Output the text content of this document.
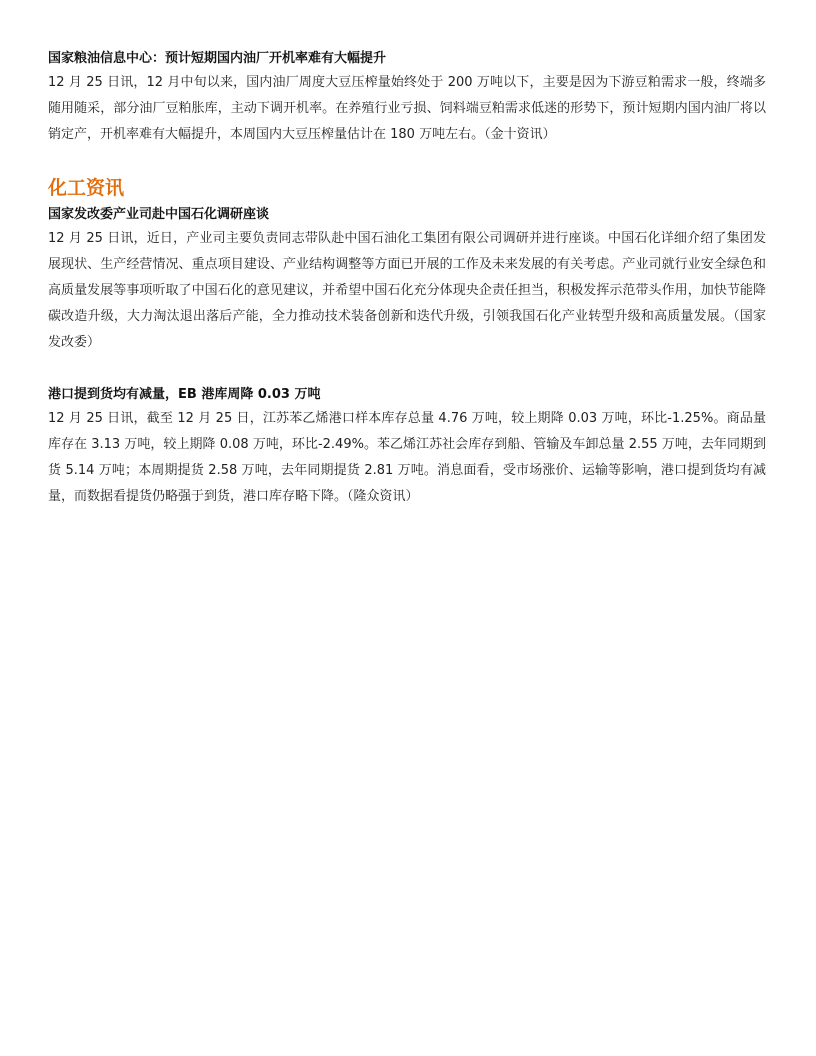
国家粮油信息中心：预计短期国内油厂开机率难有大幅提升

12 月 25 日讯，12 月中旬以来，国内油厂周度大豆压榨量始终处于 200 万吨以下，主要是因为下游豆粕需求一般，终端多随用随采，部分油厂豆粕胀库，主动下调开机率。在养殖行业亏损、饲料端豆粕需求低迷的形势下，预计短期内国内油厂将以销定产，开机率难有大幅提升，本周国内大豆压榨量估计在 180 万吨左右。（金十资讯）

化工资讯

国家发改委产业司赴中国石化调研座谈

12 月 25 日讯，近日，产业司主要负责同志带队赴中国石油化工集团有限公司调研并进行座谈。中国石化详细介绍了集团发展现状、生产经营情况、重点项目建设、产业结构调整等方面已开展的工作及未来发展的有关考虑。产业司就行业安全绿色和高质量发展等事项听取了中国石化的意见建议，并希望中国石化充分体现央企责任担当，积极发挥示范带头作用，加快节能降碳改造升级，大力淘汰退出落后产能，全力推动技术装备创新和迭代升级，引领我国石化产业转型升级和高质量发展。（国家发改委）

港口提到货均有减量，EB 港库周降 0.03 万吨

12 月 25 日讯，截至 12 月 25 日，江苏苯乙烯港口样本库存总量 4.76 万吨，较上期降 0.03 万吨，环比-1.25%。商品量库存在 3.13 万吨，较上期降 0.08 万吨，环比-2.49%。苯乙烯江苏社会库存到船、管输及车卸总量 2.55 万吨，去年同期到货 5.14 万吨；本周期提货 2.58 万吨，去年同期提货 2.81 万吨。消息面看，受市场涨价、运输等影响，港口提到货均有减量，而数据看提货仍略强于到货，港口库存略下降。（隆众资讯）
